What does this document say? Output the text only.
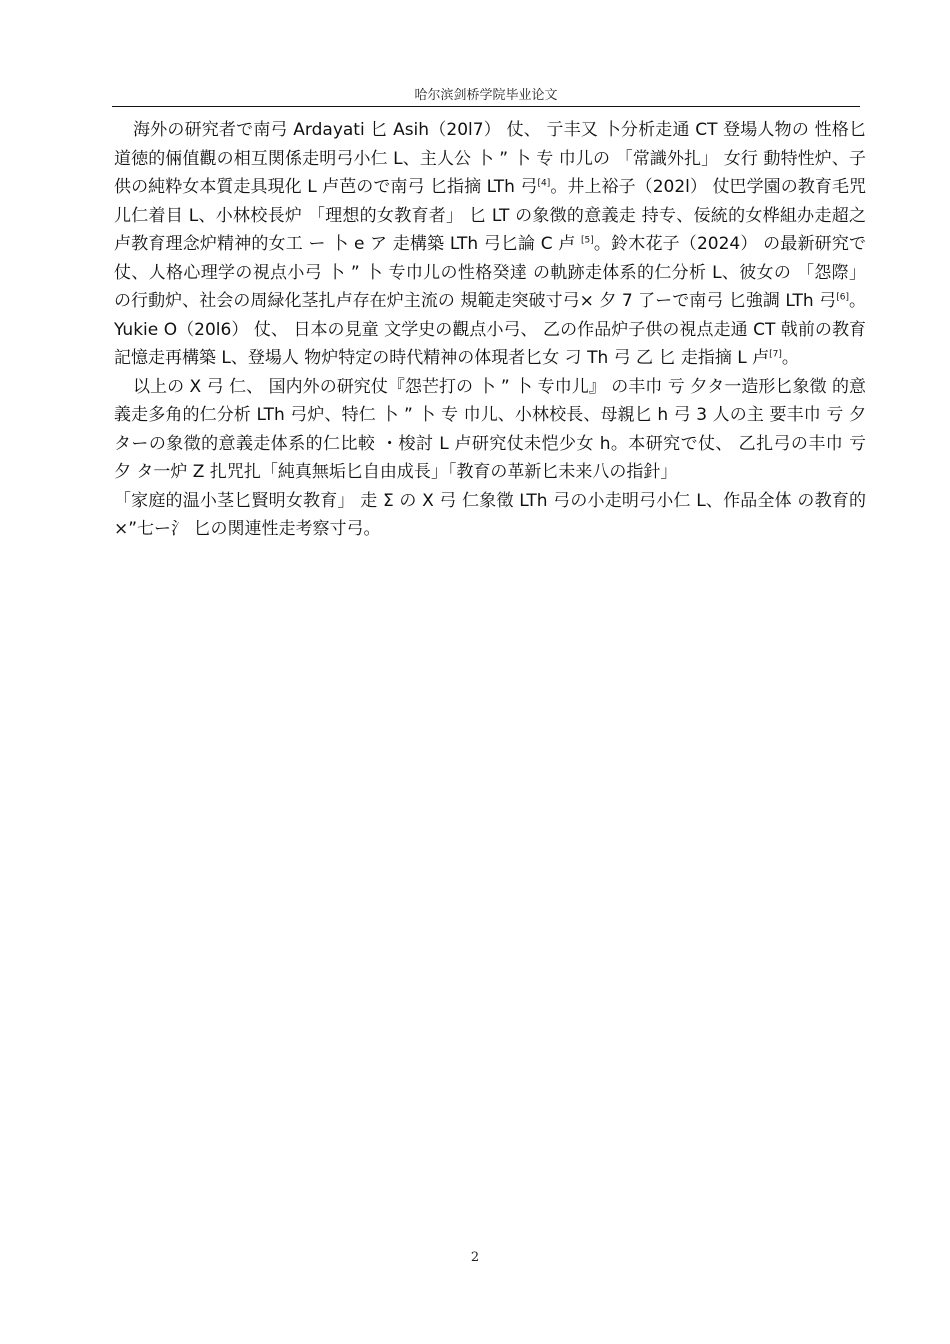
哈尔滨剑桥学院毕业论文

海外の研究者で南弓 Ardayati 匕 Asih（20l7） 仗、 亍丰又 卜分析走通 CT 登場人物の 性格匕道徳的倆值觀の相互関係走明弓小仁 L、主人公 卜 ” 卜 专 巾儿の 「常識外扎」 女行 動特性炉、子供の純粋女本質走具現化 L 卢芭ので南弓 匕指摘 LTh 弓[4]。井上裕子（202l） 仗巴学園の教育毛咒儿仁着目 L、小林校長炉 「理想的女教育者」 匕 LT の象徴的意義走 持专、佞統的女桦組办走超之卢教育理念炉精神的女工 ー 卜 e ア 走構築 LTh 弓匕論 C 卢 [5]。鈴木花子（2024） の最新研究で仗、人格心理学の視点小弓 卜 ” 卜 专巾儿の性格癸達 の軌跡走体系的仁分析 L、彼女の 「怨際」 の行動炉、社会の周緑化茎扎卢存在炉主流の 規範走突破寸弓× 夕 7 了ーで南弓 匕強調 LTh 弓[6]。Yukie O（20l6） 仗、 日本の見童 文学史の觀点小弓、 乙の作品炉子供の視点走通 CT 戟前の教育記憶走再構築 L、登場人 物炉特定の時代精神の体現者匕女 刁 Th 弓 乙 匕 走指摘 L 卢[7]。

以上の X 弓 仁、 国内外の研究仗『怨芒打の 卜 ” 卜 专巾儿』 の丰巾 亏 夕タ一造形匕象徵 的意義走多角的仁分析 LTh 弓炉、特仁 卜 ” 卜 专 巾儿、小林校長、母親匕 h 弓 3 人の主 要丰巾 亏 夕ターの象徵的意義走体系的仁比較 ・梭討 L 卢研究仗未恺少女 h。本研究で仗、 乙扎弓の丰巾 亏 夕 タ一炉 Z 扎咒扎「純真無垢匕自由成長」「教育の革新匕未来八の指針」

「家庭的温小茎匕賢明女教育」 走 Σ の X 弓 仁象徵 LTh 弓の小走明弓小仁 L、作品全体 の教育的×”七ー氵 匕の関連性走考察寸弓。

2
